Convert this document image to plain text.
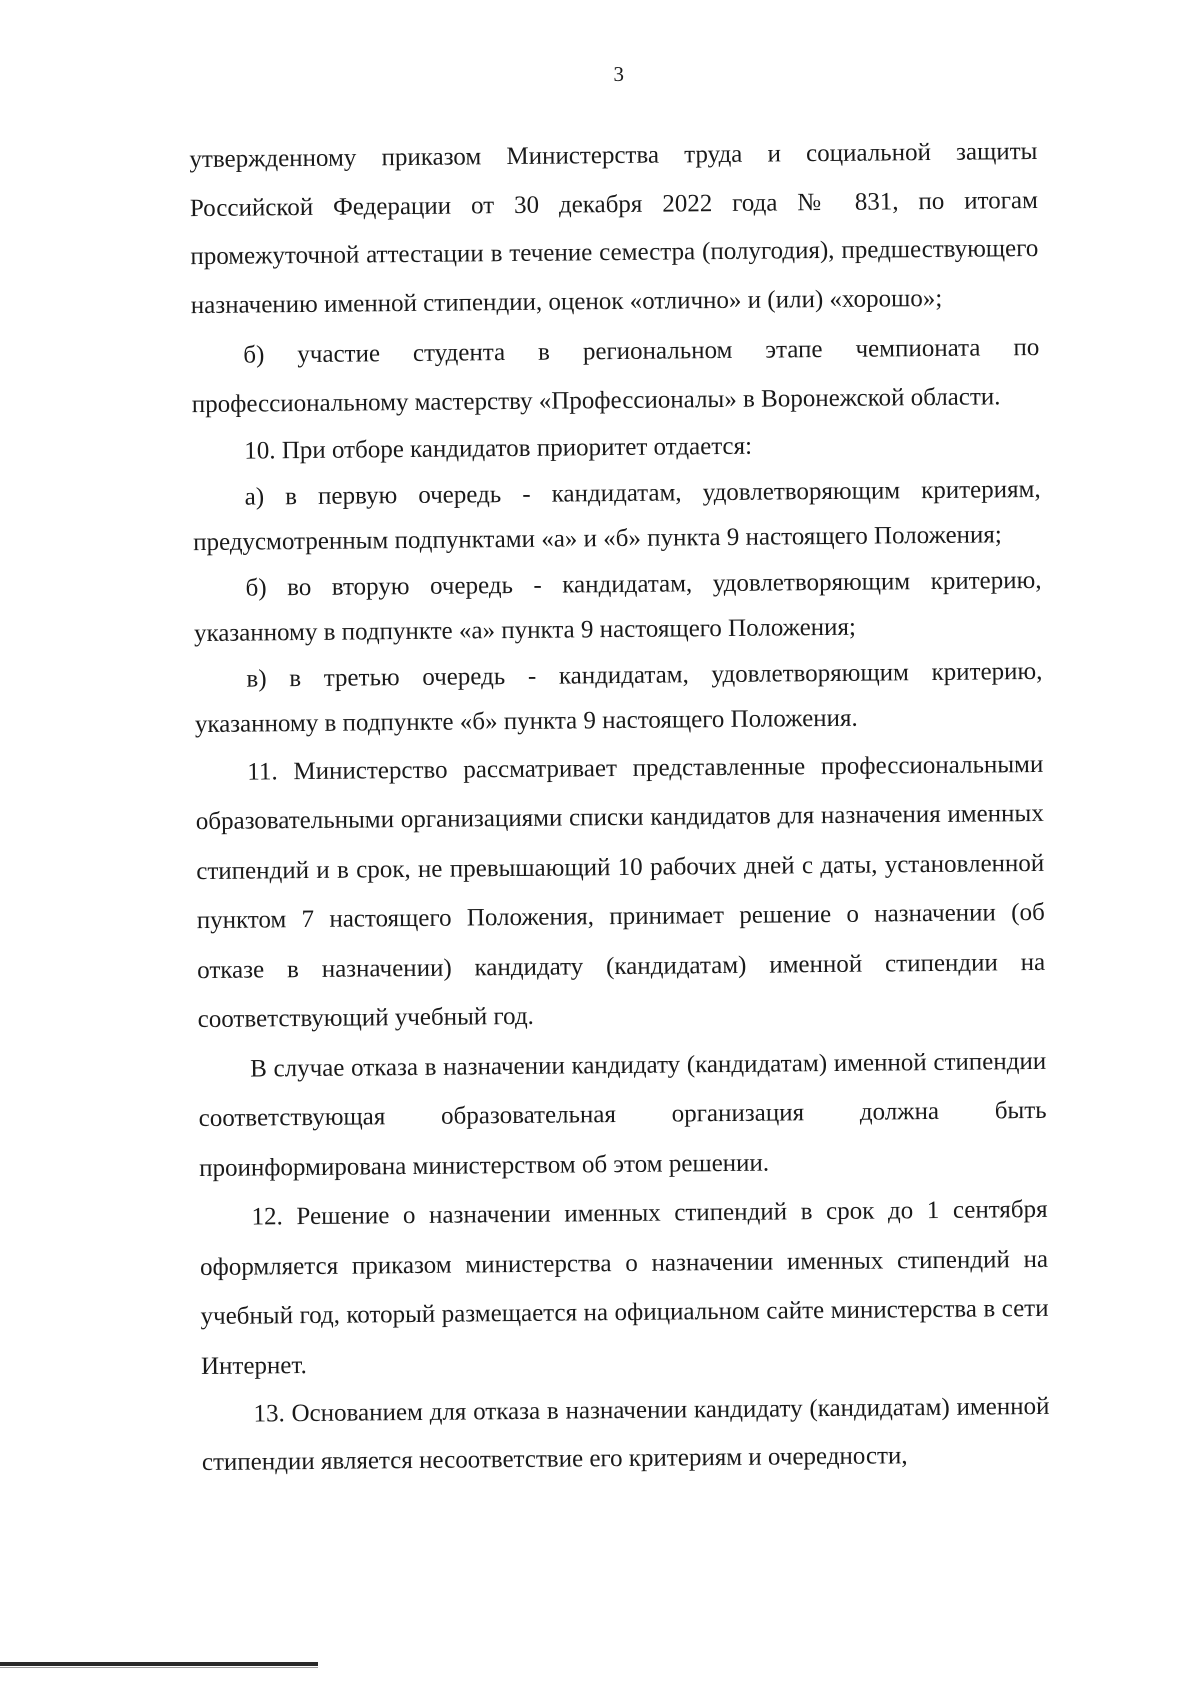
3

утвержденному приказом Министерства труда и социальной защиты Российской Федерации от 30 декабря 2022 года № 831, по итогам промежуточной аттестации в течение семестра (полугодия), предшествующего назначению именной стипендии, оценок «отлично» и (или) «хорошо»;

б) участие студента в региональном этапе чемпионата по профессиональному мастерству «Профессионалы» в Воронежской области.

10. При отборе кандидатов приоритет отдается:

а) в первую очередь - кандидатам, удовлетворяющим критериям, предусмотренным подпунктами «а» и «б» пункта 9 настоящего Положения;

б) во вторую очередь - кандидатам, удовлетворяющим критерию, указанному в подпункте «а» пункта 9 настоящего Положения;

в) в третью очередь - кандидатам, удовлетворяющим критерию, указанному в подпункте «б» пункта 9 настоящего Положения.

11. Министерство рассматривает представленные профессиональными образовательными организациями списки кандидатов для назначения именных стипендий и в срок, не превышающий 10 рабочих дней с даты, установленной пунктом 7 настоящего Положения, принимает решение о назначении (об отказе в назначении) кандидату (кандидатам) именной стипендии на соответствующий учебный год.

В случае отказа в назначении кандидату (кандидатам) именной стипендии соответствующая образовательная организация должна быть проинформирована министерством об этом решении.

12. Решение о назначении именных стипендий в срок до 1 сентября оформляется приказом министерства о назначении именных стипендий на учебный год, который размещается на официальном сайте министерства в сети Интернет.

13. Основанием для отказа в назначении кандидату (кандидатам) именной стипендии является несоответствие его критериям и очередности,
